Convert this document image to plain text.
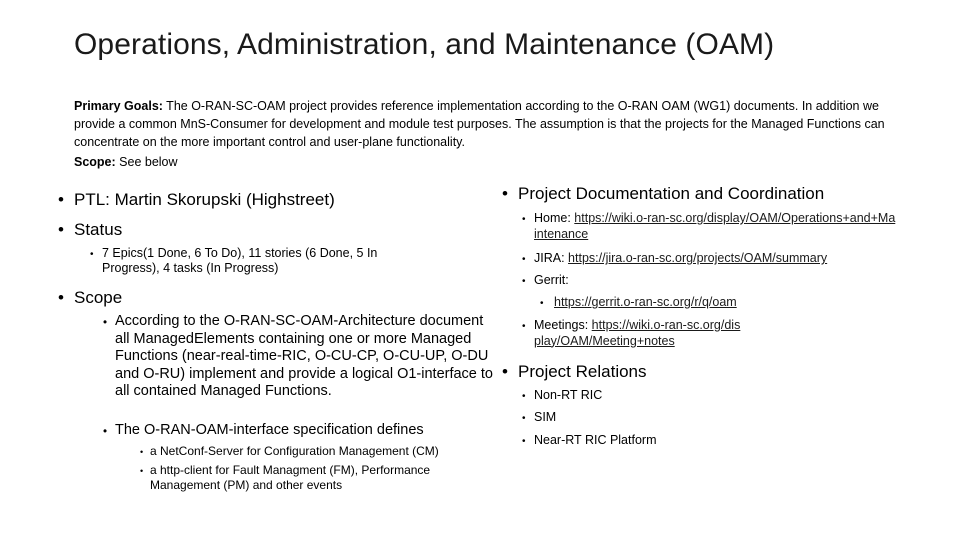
Operations, Administration, and Maintenance (OAM)
Primary Goals: The O-RAN-SC-OAM project provides reference implementation according to the O-RAN OAM (WG1) documents. In addition we provide a common MnS-Consumer for development and module test purposes. The assumption is that the projects for the Managed Functions can concentrate on the more important control and user-plane functionality.
Scope: See below
• PTL: Martin Skorupski (Highstreet)
• Status
• 7 Epics(1 Done, 6 To Do), 11 stories (6 Done, 5 In Progress), 4 tasks (In Progress)
• Scope
• According to the O-RAN-SC-OAM-Architecture document all ManagedElements containing one or more Managed Functions (near-real-time-RIC, O-CU-CP, O-CU-UP, O-DU and O-RU) implement and provide a logical O1-interface to all contained Managed Functions.
• The O-RAN-OAM-interface specification defines
• a NetConf-Server for Configuration Management (CM)
• a http-client for Fault Managment (FM), Performance Management (PM) and other events
• Project Documentation and Coordination
• Home: https://wiki.o-ran-sc.org/display/OAM/Operations+and+Maintenance
• JIRA: https://jira.o-ran-sc.org/projects/OAM/summary
• Gerrit:
• https://gerrit.o-ran-sc.org/r/q/oam
• Meetings: https://wiki.o-ran-sc.org/display/OAM/Meeting+notes
• Project Relations
• Non-RT RIC
• SIM
• Near-RT RIC Platform
